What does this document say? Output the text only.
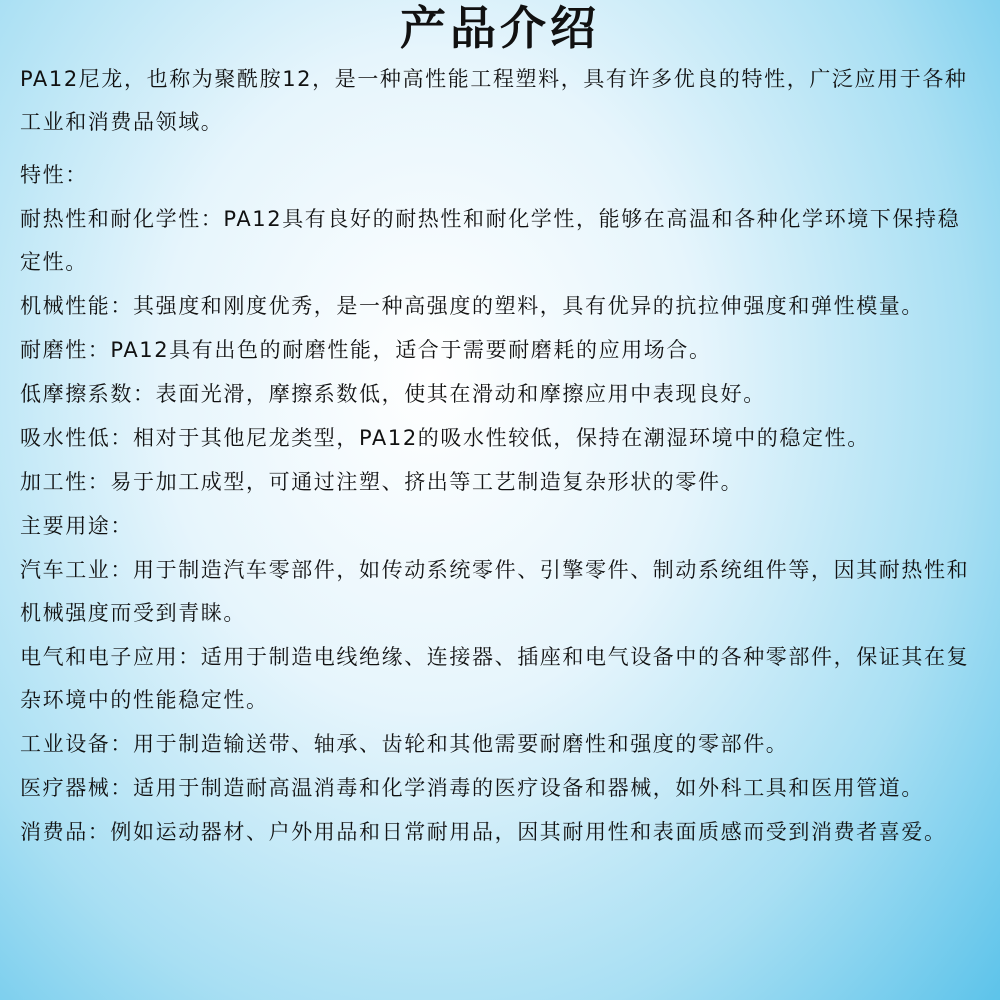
产品介绍

PA12尼龙，也称为聚酰胺12，是一种高性能工程塑料，具有许多优良的特性，广泛应用于各种工业和消费品领域。

特性：

耐热性和耐化学性：PA12具有良好的耐热性和耐化学性，能够在高温和各种化学环境下保持稳定性。

机械性能：其强度和刚度优秀，是一种高强度的塑料，具有优异的抗拉伸强度和弹性模量。

耐磨性：PA12具有出色的耐磨性能，适合于需要耐磨耗的应用场合。

低摩擦系数：表面光滑，摩擦系数低，使其在滑动和摩擦应用中表现良好。

吸水性低：相对于其他尼龙类型，PA12的吸水性较低，保持在潮湿环境中的稳定性。

加工性：易于加工成型，可通过注塑、挤出等工艺制造复杂形状的零件。

主要用途：

汽车工业：用于制造汽车零部件，如传动系统零件、引擎零件、制动系统组件等，因其耐热性和机械强度而受到青睐。

电气和电子应用：适用于制造电线绝缘、连接器、插座和电气设备中的各种零部件，保证其在复杂环境中的性能稳定性。

工业设备：用于制造输送带、轴承、齿轮和其他需要耐磨性和强度的零部件。

医疗器械：适用于制造耐高温消毒和化学消毒的医疗设备和器械，如外科工具和医用管道。

消费品：例如运动器材、户外用品和日常耐用品，因其耐用性和表面质感而受到消费者喜爱。
